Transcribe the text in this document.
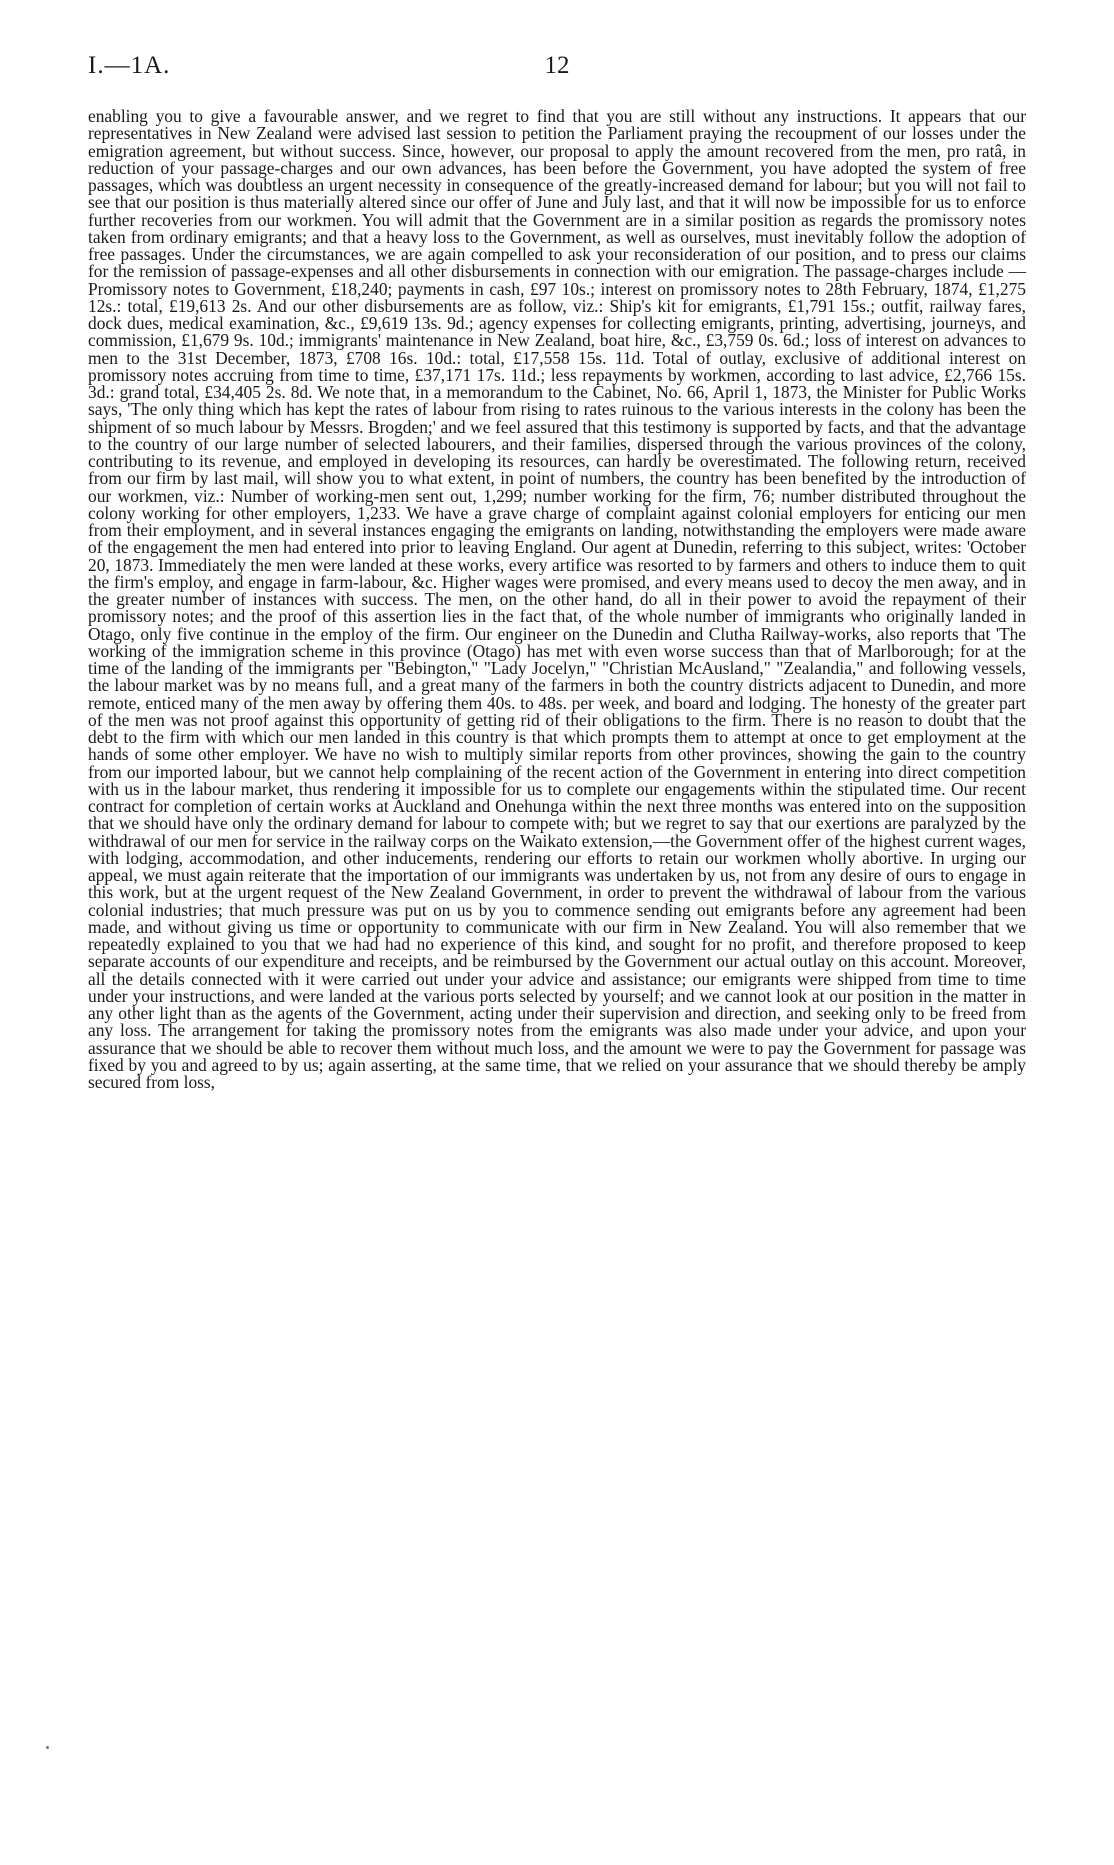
I.—1A.	12

enabling you to give a favourable answer, and we regret to find that you are still without any instructions. It appears that our representatives in New Zealand were advised last session to petition the Parliament praying the recoupment of our losses under the emigration agreement, but without success. Since, however, our proposal to apply the amount recovered from the men, pro ratâ, in reduction of your passage-charges and our own advances, has been before the Government, you have adopted the system of free passages, which was doubtless an urgent necessity in consequence of the greatly-increased demand for labour; but you will not fail to see that our position is thus materially altered since our offer of June and July last, and that it will now be impossible for us to enforce further recoveries from our workmen. You will admit that the Government are in a similar position as regards the promissory notes taken from ordinary emigrants; and that a heavy loss to the Government, as well as ourselves, must inevitably follow the adoption of free passages. Under the circumstances, we are again compelled to ask your reconsideration of our position, and to press our claims for the remission of passage-expenses and all other disbursements in connection with our emigration. The passage-charges include —Promissory notes to Government, £18,240; payments in cash, £97 10s.; interest on promissory notes to 28th February, 1874, £1,275 12s.: total, £19,613 2s. And our other disbursements are as follow, viz.: Ship's kit for emigrants, £1,791 15s.; outfit, railway fares, dock dues, medical examination, &c., £9,619 13s. 9d.; agency expenses for collecting emigrants, printing, advertising, journeys, and commission, £1,679 9s. 10d.; immigrants' maintenance in New Zealand, boat hire, &c., £3,759 0s. 6d.; loss of interest on advances to men to the 31st December, 1873, £708 16s. 10d.: total, £17,558 15s. 11d. Total of outlay, exclusive of additional interest on promissory notes accruing from time to time, £37,171 17s. 11d.; less repayments by workmen, according to last advice, £2,766 15s. 3d.: grand total, £34,405 2s. 8d. We note that, in a memorandum to the Cabinet, No. 66, April 1, 1873, the Minister for Public Works says, 'The only thing which has kept the rates of labour from rising to rates ruinous to the various interests in the colony has been the shipment of so much labour by Messrs. Brogden;' and we feel assured that this testimony is supported by facts, and that the advantage to the country of our large number of selected labourers, and their families, dispersed through the various provinces of the colony, contributing to its revenue, and employed in developing its resources, can hardly be overestimated. The following return, received from our firm by last mail, will show you to what extent, in point of numbers, the country has been benefited by the introduction of our workmen, viz.: Number of working-men sent out, 1,299; number working for the firm, 76; number distributed throughout the colony working for other employers, 1,233. We have a grave charge of complaint against colonial employers for enticing our men from their employment, and in several instances engaging the emigrants on landing, notwithstanding the employers were made aware of the engagement the men had entered into prior to leaving England. Our agent at Dunedin, referring to this subject, writes: 'October 20, 1873. Immediately the men were landed at these works, every artifice was resorted to by farmers and others to induce them to quit the firm's employ, and engage in farm-labour, &c. Higher wages were promised, and every means used to decoy the men away, and in the greater number of instances with success. The men, on the other hand, do all in their power to avoid the repayment of their promissory notes; and the proof of this assertion lies in the fact that, of the whole number of immigrants who originally landed in Otago, only five continue in the employ of the firm. Our engineer on the Dunedin and Clutha Railway-works, also reports that 'The working of the immigration scheme in this province (Otago) has met with even worse success than that of Marlborough; for at the time of the landing of the immigrants per "Bebington," "Lady Jocelyn," "Christian McAusland," "Zealandia," and following vessels, the labour market was by no means full, and a great many of the farmers in both the country districts adjacent to Dunedin, and more remote, enticed many of the men away by offering them 40s. to 48s. per week, and board and lodging. The honesty of the greater part of the men was not proof against this opportunity of getting rid of their obligations to the firm. There is no reason to doubt that the debt to the firm with which our men landed in this country is that which prompts them to attempt at once to get employment at the hands of some other employer. We have no wish to multiply similar reports from other provinces, showing the gain to the country from our imported labour, but we cannot help complaining of the recent action of the Government in entering into direct competition with us in the labour market, thus rendering it impossible for us to complete our engagements within the stipulated time. Our recent contract for completion of certain works at Auckland and Onehunga within the next three months was entered into on the supposition that we should have only the ordinary demand for labour to compete with; but we regret to say that our exertions are paralyzed by the withdrawal of our men for service in the railway corps on the Waikato extension,—the Government offer of the highest current wages, with lodging, accommodation, and other inducements, rendering our efforts to retain our workmen wholly abortive. In urging our appeal, we must again reiterate that the importation of our immigrants was undertaken by us, not from any desire of ours to engage in this work, but at the urgent request of the New Zealand Government, in order to prevent the withdrawal of labour from the various colonial industries; that much pressure was put on us by you to commence sending out emigrants before any agreement had been made, and without giving us time or opportunity to communicate with our firm in New Zealand. You will also remember that we repeatedly explained to you that we had had no experience of this kind, and sought for no profit, and therefore proposed to keep separate accounts of our expenditure and receipts, and be reimbursed by the Government our actual outlay on this account. Moreover, all the details connected with it were carried out under your advice and assistance; our emigrants were shipped from time to time under your instructions, and were landed at the various ports selected by yourself; and we cannot look at our position in the matter in any other light than as the agents of the Government, acting under their supervision and direction, and seeking only to be freed from any loss. The arrangement for taking the promissory notes from the emigrants was also made under your advice, and upon your assurance that we should be able to recover them without much loss, and the amount we were to pay the Government for passage was fixed by you and agreed to by us; again asserting, at the same time, that we relied on your assurance that we should thereby be amply secured from loss,
